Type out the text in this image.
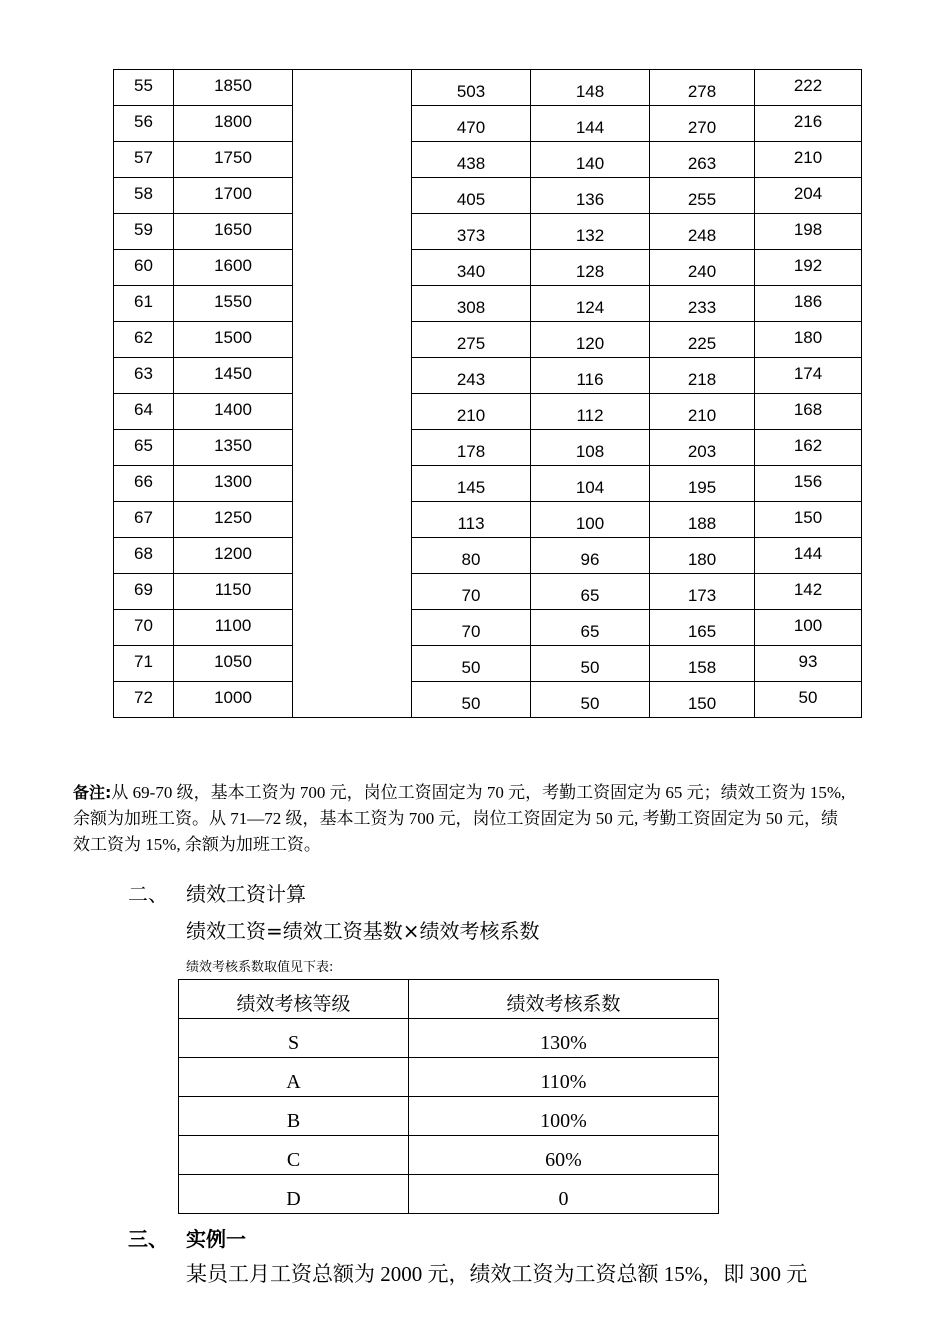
55	1850		503	148	278	222
56	1800		470	144	270	216
57	1750		438	140	263	210
58	1700		405	136	255	204
59	1650		373	132	248	198
60	1600		340	128	240	192
61	1550		308	124	233	186
62	1500		275	120	225	180
63	1450		243	116	218	174
64	1400		210	112	210	168
65	1350		178	108	203	162
66	1300		145	104	195	156
67	1250		113	100	188	150
68	1200		80	96	180	144
69	1150		70	65	173	142
70	1100		70	65	165	100
71	1050		50	50	158	93
72	1000		50	50	150	50
备注:从 69-70 级，基本工资为 700 元，岗位工资固定为 70 元，考勤工资固定为 65 元；绩效工资为 15%, 余额为加班工资。从 71—72 级，基本工资为 700 元，岗位工资固定为 50 元, 考勤工资固定为 50 元，绩效工资为 15%, 余额为加班工资。
二、 绩效工资计算
绩效工资=绩效工资基数×绩效考核系数
绩效考核系数取值见下表:
绩效考核等级	绩效考核系数
S	130%
A	110%
B	100%
C	60%
D	0
三、 实例一
某员工月工资总额为 2000 元，绩效工资为工资总额 15%，即 300 元
